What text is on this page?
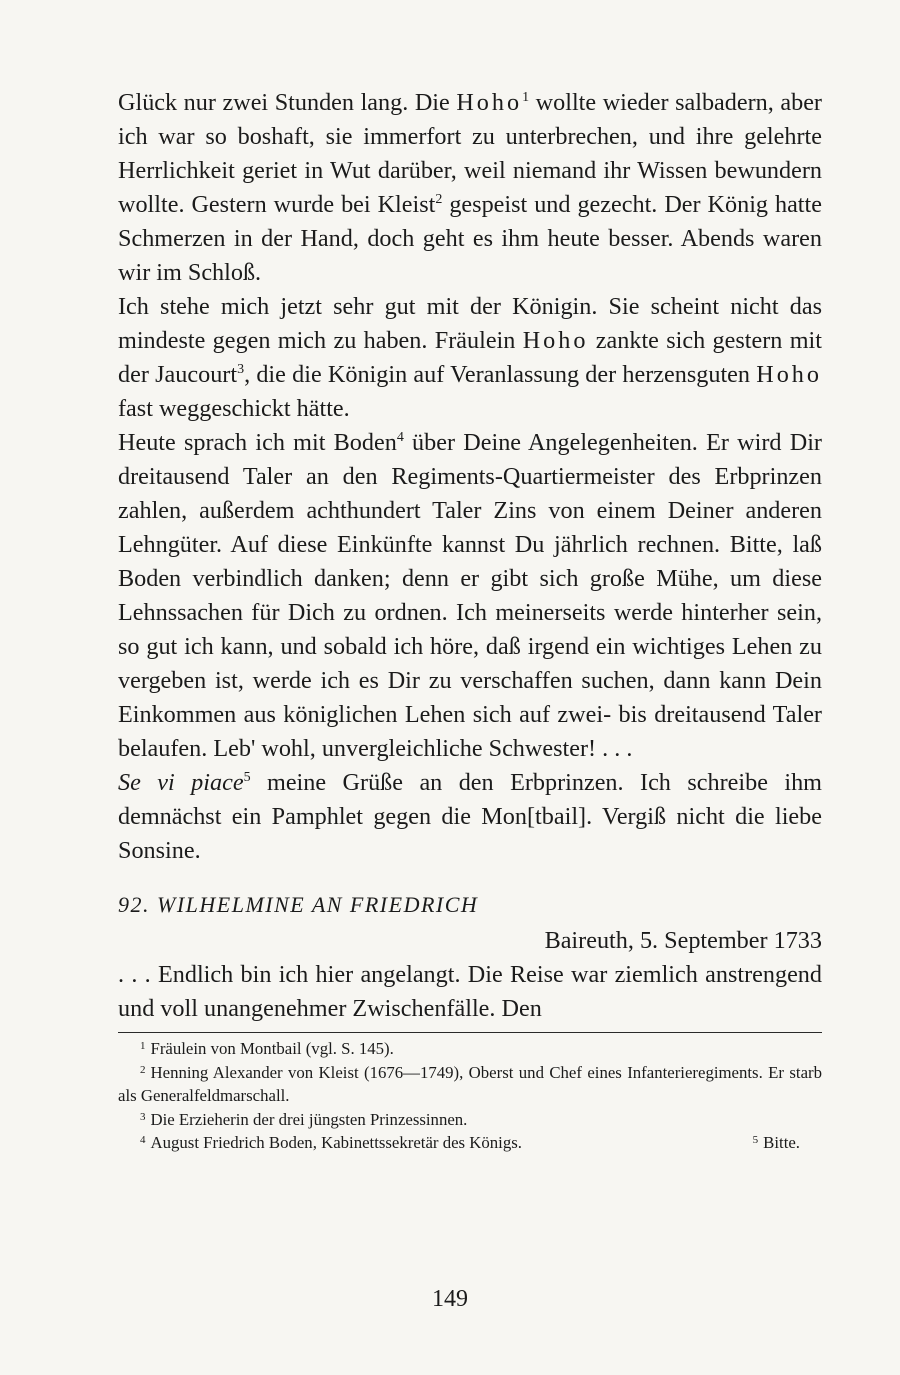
Glück nur zwei Stunden lang. Die Hoho$^1$ wollte wieder salbadern, aber ich war so boshaft, sie immerfort zu unterbrechen, und ihre gelehrte Herrlichkeit geriet in Wut darüber, weil niemand ihr Wissen bewundern wollte. Gestern wurde bei Kleist$^2$ gespeist und gezecht. Der König hatte Schmerzen in der Hand, doch geht es ihm heute besser. Abends waren wir im Schloß.

Ich stehe mich jetzt sehr gut mit der Königin. Sie scheint nicht das mindeste gegen mich zu haben. Fräulein Hoho zankte sich gestern mit der Jaucourt$^3$, die die Königin auf Veranlassung der herzensguten Hoho fast weggeschickt hätte.

Heute sprach ich mit Boden$^4$ über Deine Angelegenheiten. Er wird Dir dreitausend Taler an den Regiments-Quartiermeister des Erbprinzen zahlen, außerdem achthundert Taler Zins von einem Deiner anderen Lehngüter. Auf diese Einkünfte kannst Du jährlich rechnen. Bitte, laß Boden verbindlich danken; denn er gibt sich große Mühe, um diese Lehnssachen für Dich zu ordnen. Ich meinerseits werde hinterher sein, so gut ich kann, und sobald ich höre, daß irgend ein wichtiges Lehen zu vergeben ist, werde ich es Dir zu verschaffen suchen, dann kann Dein Einkommen aus königlichen Lehen sich auf zwei- bis dreitausend Taler belaufen. Leb' wohl, unvergleichliche Schwester! . . .

Se vi piace$^5$ meine Grüße an den Erbprinzen. Ich schreibe ihm demnächst ein Pamphlet gegen die Mon[tbail]. Vergiß nicht die liebe Sonsine.

92. WILHELMINE AN FRIEDRICH
Baireuth, 5. September 1733

. . . Endlich bin ich hier angelangt. Die Reise war ziemlich anstrengend und voll unangenehmer Zwischenfälle. Den

$^1$ Fräulein von Montbail (vgl. S. 145).

$^2$ Henning Alexander von Kleist (1676—1749), Oberst und Chef eines Infanterieregiments. Er starb als Generalfeldmarschall.

$^3$ Die Erzieherin der drei jüngsten Prinzessinnen.

$^4$ August Friedrich Boden, Kabinettssekretär des Königs.	$^5$ Bitte.
149
